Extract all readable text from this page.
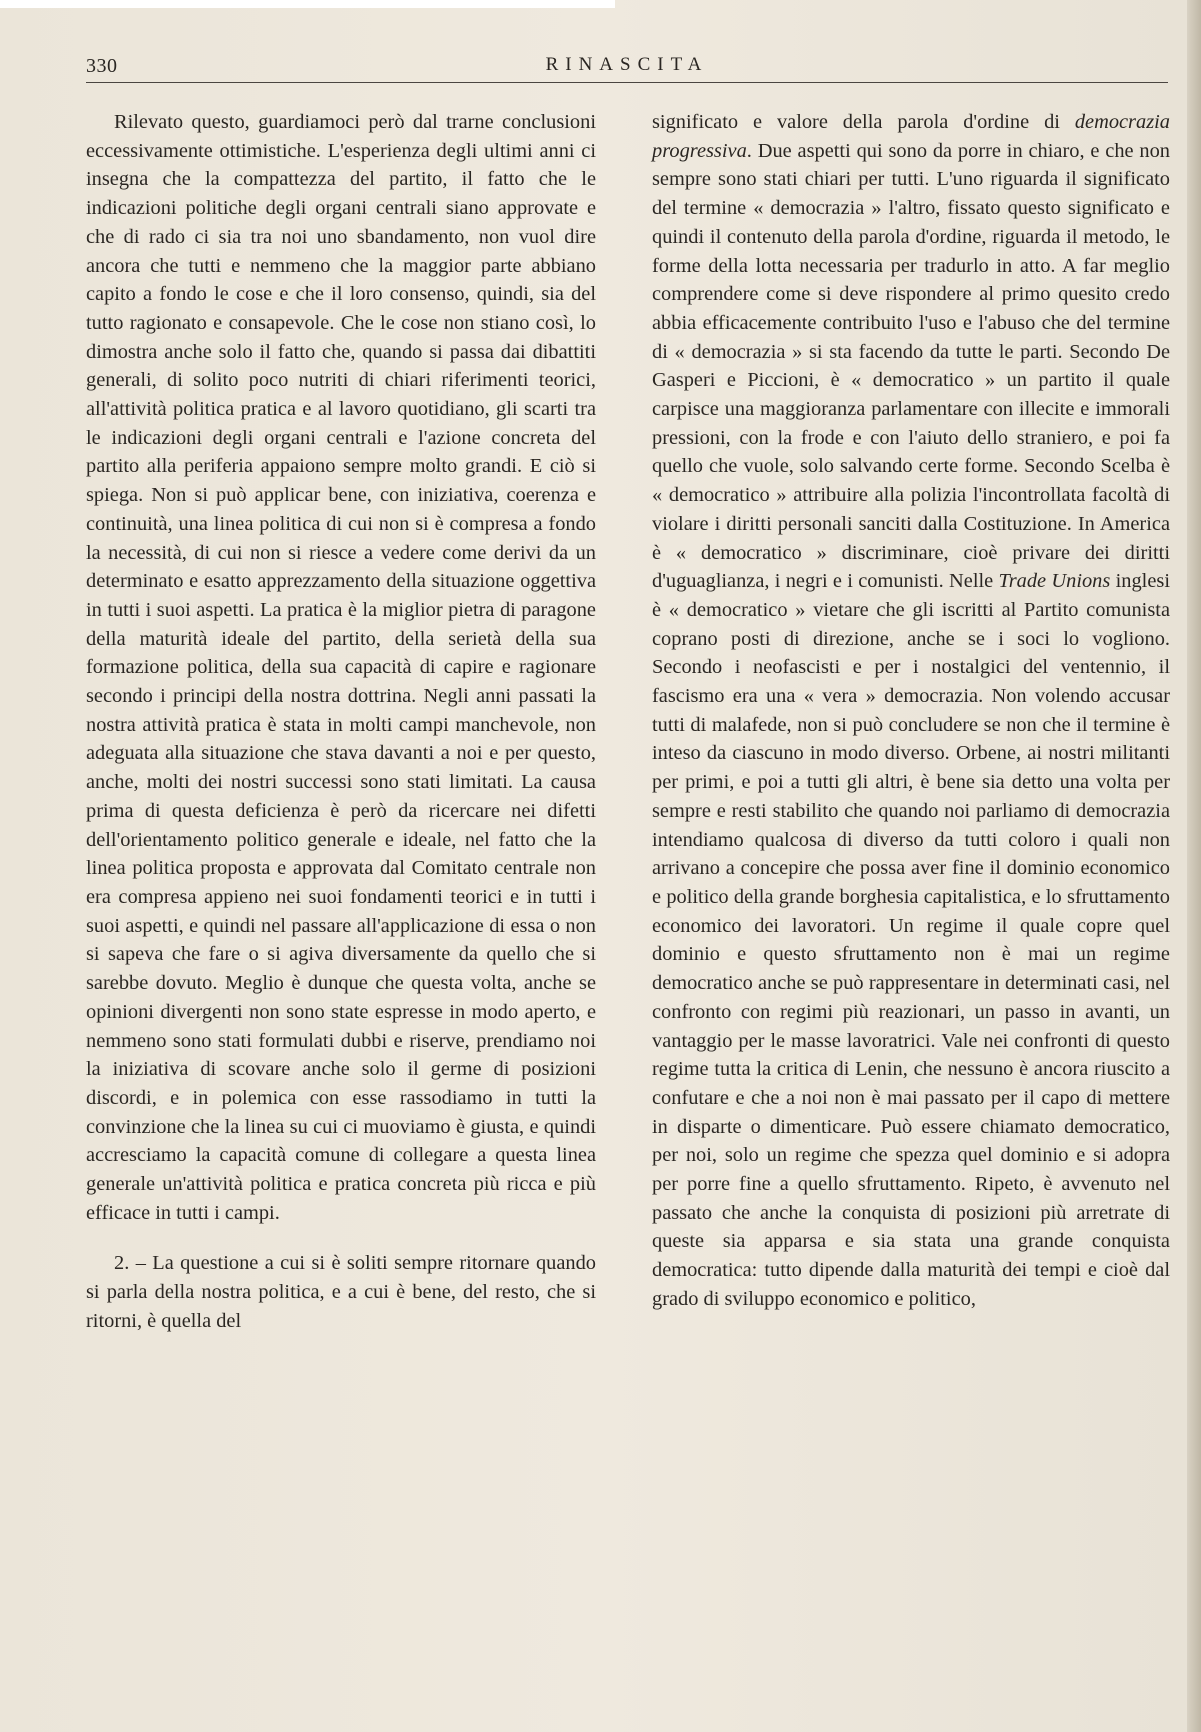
330	RINASCITA

Rilevato questo, guardiamoci però dal trarne conclusioni eccessivamente ottimistiche. L'esperienza degli ultimi anni ci insegna che la compattezza del partito, il fatto che le indicazioni politiche degli organi centrali siano approvate e che di rado ci sia tra noi uno sbandamento, non vuol dire ancora che tutti e nemmeno che la maggior parte abbiano capito a fondo le cose e che il loro consenso, quindi, sia del tutto ragionato e consapevole. Che le cose non stiano così, lo dimostra anche solo il fatto che, quando si passa dai dibattiti generali, di solito poco nutriti di chiari riferimenti teorici, all'attività politica pratica e al lavoro quotidiano, gli scarti tra le indicazioni degli organi centrali e l'azione concreta del partito alla periferia appaiono sempre molto grandi. E ciò si spiega. Non si può applicar bene, con iniziativa, coerenza e continuità, una linea politica di cui non si è compresa a fondo la necessità, di cui non si riesce a vedere come derivi da un determinato e esatto apprezzamento della situazione oggettiva in tutti i suoi aspetti. La pratica è la miglior pietra di paragone della maturità ideale del partito, della serietà della sua formazione politica, della sua capacità di capire e ragionare secondo i principi della nostra dottrina. Negli anni passati la nostra attività pratica è stata in molti campi manchevole, non adeguata alla situazione che stava davanti a noi e per questo, anche, molti dei nostri successi sono stati limitati. La causa prima di questa deficienza è però da ricercare nei difetti dell'orientamento politico generale e ideale, nel fatto che la linea politica proposta e approvata dal Comitato centrale non era compresa appieno nei suoi fondamenti teorici e in tutti i suoi aspetti, e quindi nel passare all'applicazione di essa o non si sapeva che fare o si agiva diversamente da quello che si sarebbe dovuto. Meglio è dunque che questa volta, anche se opinioni divergenti non sono state espresse in modo aperto, e nemmeno sono stati formulati dubbi e riserve, prendiamo noi la iniziativa di scovare anche solo il germe di posizioni discordi, e in polemica con esse rassodiamo in tutti la convinzione che la linea su cui ci muoviamo è giusta, e quindi accresciamo la capacità comune di collegare a questa linea generale un'attività politica e pratica concreta più ricca e più efficace in tutti i campi.

2. – La questione a cui si è soliti sempre ritornare quando si parla della nostra politica, e a cui è bene, del resto, che si ritorni, è quella del

significato e valore della parola d'ordine di democrazia progressiva. Due aspetti qui sono da porre in chiaro, e che non sempre sono stati chiari per tutti. L'uno riguarda il significato del termine « democrazia » l'altro, fissato questo significato e quindi il contenuto della parola d'ordine, riguarda il metodo, le forme della lotta necessaria per tradurlo in atto. A far meglio comprendere come si deve rispondere al primo quesito credo abbia efficacemente contribuito l'uso e l'abuso che del termine di « democrazia » si sta facendo da tutte le parti. Secondo De Gasperi e Piccioni, è « democratico » un partito il quale carpisce una maggioranza parlamentare con illecite e immorali pressioni, con la frode e con l'aiuto dello straniero, e poi fa quello che vuole, solo salvando certe forme. Secondo Scelba è « democratico » attribuire alla polizia l'incontrollata facoltà di violare i diritti personali sanciti dalla Costituzione. In America è « democratico » discriminare, cioè privare dei diritti d'uguaglianza, i negri e i comunisti. Nelle Trade Unions inglesi è « democratico » vietare che gli iscritti al Partito comunista coprano posti di direzione, anche se i soci lo vogliono. Secondo i neofascisti e per i nostalgici del ventennio, il fascismo era una « vera » democrazia. Non volendo accusar tutti di malafede, non si può concludere se non che il termine è inteso da ciascuno in modo diverso. Orbene, ai nostri militanti per primi, e poi a tutti gli altri, è bene sia detto una volta per sempre e resti stabilito che quando noi parliamo di democrazia intendiamo qualcosa di diverso da tutti coloro i quali non arrivano a concepire che possa aver fine il dominio economico e politico della grande borghesia capitalistica, e lo sfruttamento economico dei lavoratori. Un regime il quale copre quel dominio e questo sfruttamento non è mai un regime democratico anche se può rappresentare in determinati casi, nel confronto con regimi più reazionari, un passo in avanti, un vantaggio per le masse lavoratrici. Vale nei confronti di questo regime tutta la critica di Lenin, che nessuno è ancora riuscito a confutare e che a noi non è mai passato per il capo di mettere in disparte o dimenticare. Può essere chiamato democratico, per noi, solo un regime che spezza quel dominio e si adopra per porre fine a quello sfruttamento. Ripeto, è avvenuto nel passato che anche la conquista di posizioni più arretrate di queste sia apparsa e sia stata una grande conquista democratica: tutto dipende dalla maturità dei tempi e cioè dal grado di sviluppo economico e politico,
